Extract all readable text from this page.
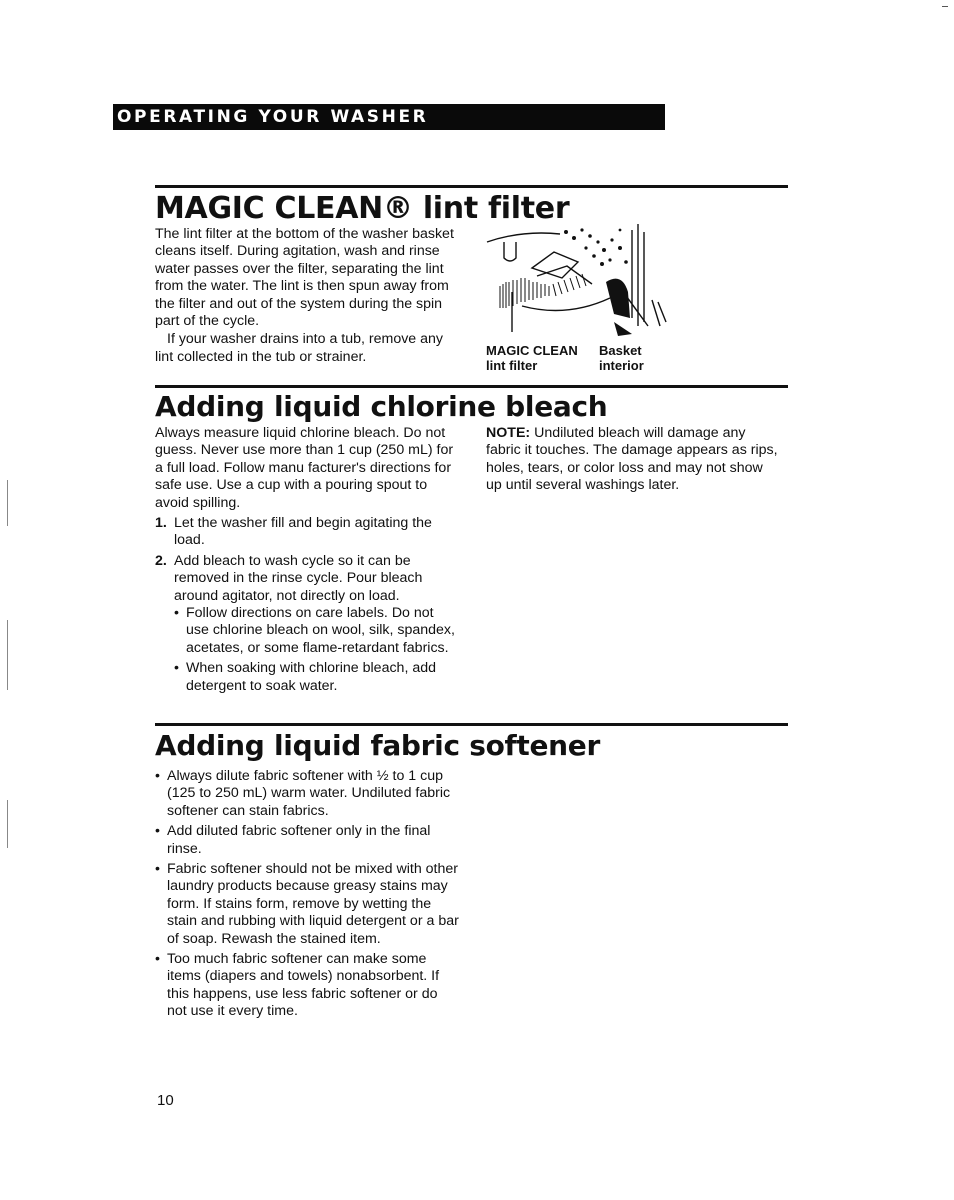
OPERATING YOUR WASHER
MAGIC CLEAN® lint filter

The lint filter at the bottom of the washer basket cleans itself. During agitation, wash and rinse water passes over the filter, separating the lint from the water. The lint is then spun away from the filter and out of the system during the spin part of the cycle.

If your washer drains into a tub, remove any lint collected in the tub or strainer.	MAGIC CLEAN
lint filter
Basket
interior
Adding liquid chlorine bleach

Always measure liquid chlorine bleach. Do not guess. Never use more than 1 cup (250 mL) for a full load. Follow manu facturer's directions for safe use. Use a cup with a pouring spout to avoid spilling.

1. Let the washer fill and begin agitating the load.
2. Add bleach to wash cycle so it can be removed in the rinse cycle. Pour bleach around agitator, not directly on load.
• Follow directions on care labels. Do not use chlorine bleach on wool, silk, spandex, acetates, or some flame-retardant fabrics.
• When soaking with chlorine bleach, add detergent to soak water.

NOTE: Undiluted bleach will damage any fabric it touches. The damage appears as rips, holes, tears, or color loss and may not show up until several washings later.

Adding liquid fabric softener
• Always dilute fabric softener with ½ to 1 cup (125 to 250 mL) warm water. Undiluted fabric softener can stain fabrics.
• Add diluted fabric softener only in the final rinse.
• Fabric softener should not be mixed with other laundry products because greasy stains may form. If stains form, remove by wetting the stain and rubbing with liquid detergent or a bar of soap. Rewash the stained item.
• Too much fabric softener can make some items (diapers and towels) nonabsorbent. If this happens, use less fabric softener or do not use it every time.
10
